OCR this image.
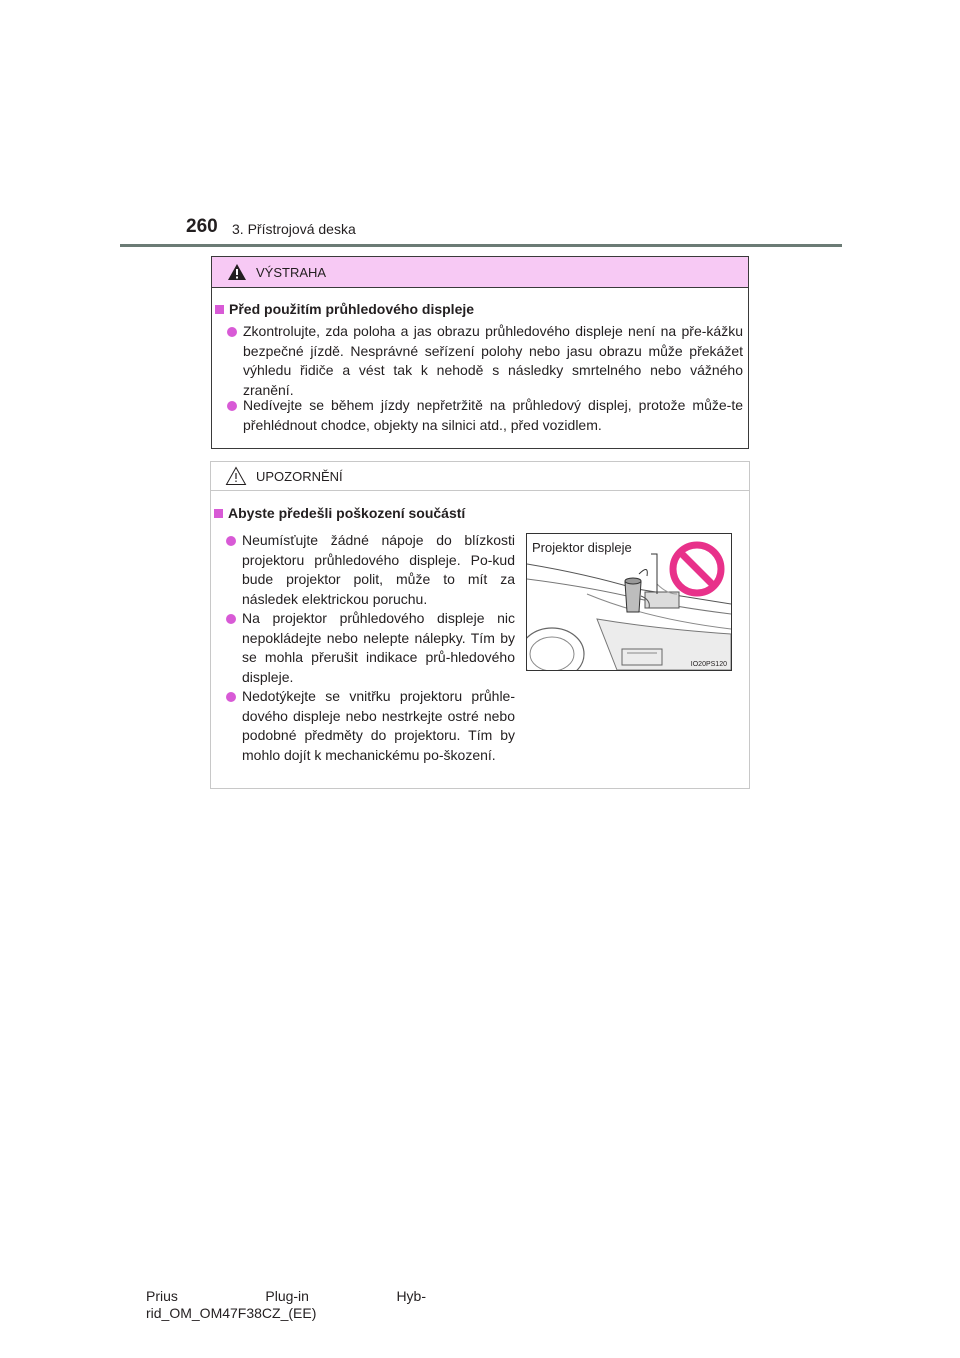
260 3. Přístrojová deska
VÝSTRAHA
Před použitím průhledového displeje
Zkontrolujte, zda poloha a jas obrazu průhledového displeje není na pře-kážku bezpečné jízdě. Nesprávné seřízení polohy nebo jasu obrazu může překážet výhledu řidiče a vést tak k nehodě s následky smrtelného nebo vážného zranění.
Nedívejte se během jízdy nepřetržitě na průhledový displej, protože může-te přehlédnout chodce, objekty na silnici atd., před vozidlem.
UPOZORNĚNÍ
Abyste předešli poškození součástí
Neumísťujte žádné nápoje do blízkosti projektoru průhledového displeje. Po-kud bude projektor polit, může to mít za následek elektrickou poruchu.
Na projektor průhledového displeje nic nepokládejte nebo nelepte nálepky. Tím by se mohla přerušit indikace prů-hledového displeje.
Nedotýkejte se vnitřku projektoru průhle-dového displeje nebo nestrkejte ostré nebo podobné předměty do projektoru. Tím by mohlo dojít k mechanickému po-škození.
Projektor displeje
IO20PS120
Prius	Plug-in	Hyb-
rid_OM_OM47F38CZ_(EE)
